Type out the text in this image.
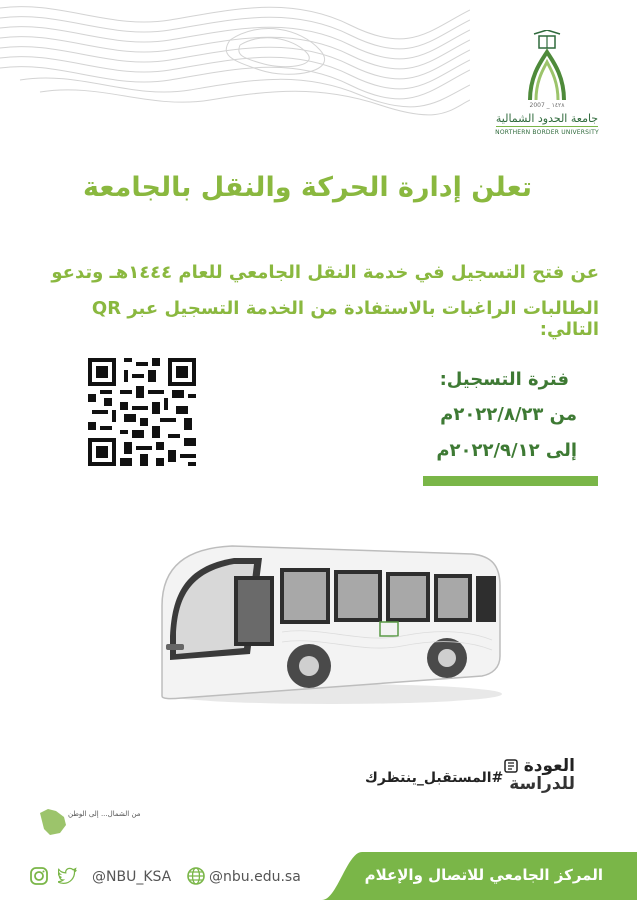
2007 _ ١٤٢٨
جامعة الحدود الشمالية
NORTHERN BORDER UNIVERSITY
تعلن إدارة الحركة والنقل بالجامعة
عن فتح التسجيل في خدمة النقل الجامعي للعام ١٤٤٤هـ وتدعو
الطالبات الراغبات بالاستفادة من الخدمة التسجيل عبر QR التالي:
فترة التسجيل:
من ٢٠٢٢/٨/٢٣م
إلى ٢٠٢٢/٩/١٢م
العودة
للدراسة
#المستقبل_ينتظرك
من الشمال... إلى الوطن
المركز الجامعي للاتصال والإعلام
@NBU_KSA	@nbu.edu.sa
